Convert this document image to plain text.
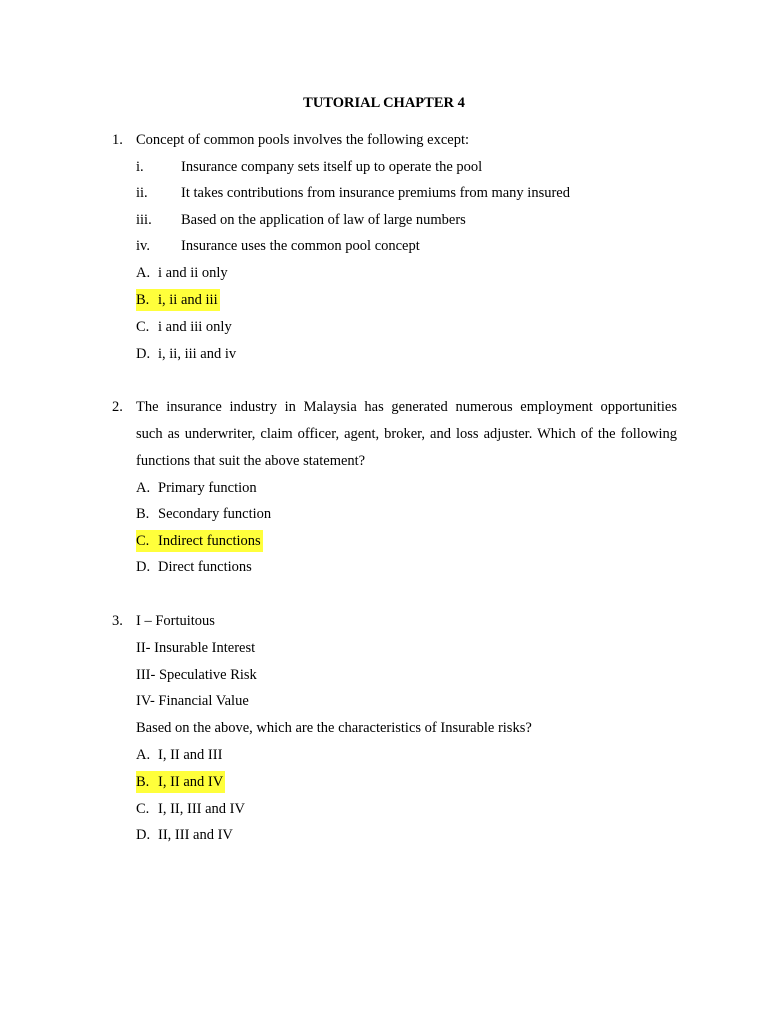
TUTORIAL CHAPTER 4
1. Concept of common pools involves the following except:
i.	Insurance company sets itself up to operate the pool
ii. It takes contributions from insurance premiums from many insured
iii. Based on the application of law of large numbers
iv. Insurance uses the common pool concept
A. i and ii only
B. i, ii and iii
C. i and iii only
D. i, ii, iii and iv
2. The insurance industry in Malaysia has generated numerous employment opportunities
such as underwriter, claim officer, agent, broker, and loss adjuster. Which of the following
functions that suit the above statement?
A. Primary function
B. Secondary function
C. Indirect functions
D. Direct functions
3. I – Fortuitous
II- Insurable Interest
III- Speculative Risk
IV- Financial Value
Based on the above, which are the characteristics of Insurable risks?
A. I, II and III
B. I, II and IV
C. I, II, III and IV
D. II, III and IV
